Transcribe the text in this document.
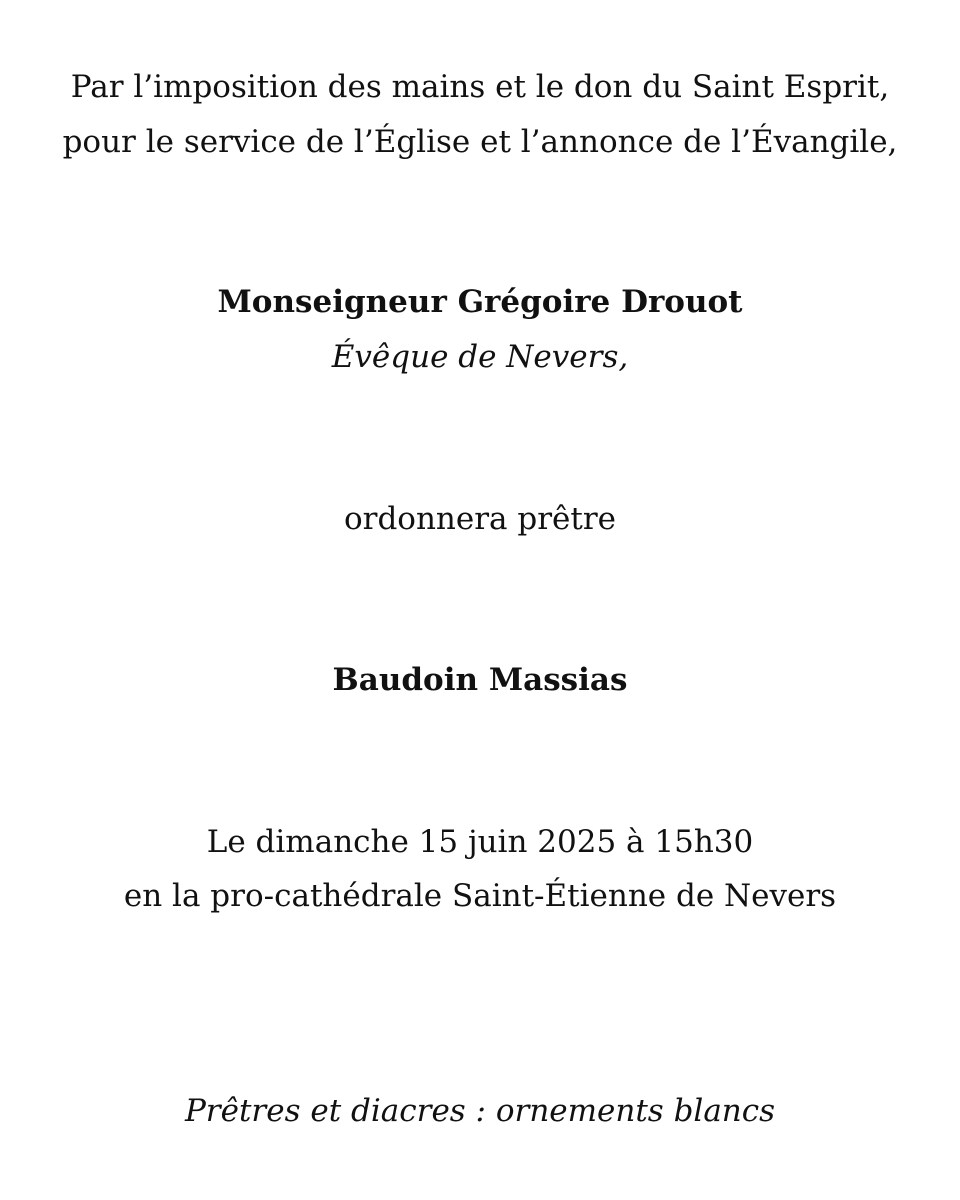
Par l’imposition des mains et le don du Saint Esprit,
pour le service de l’Église et l’annonce de l’Évangile,
Monseigneur Grégoire Drouot
Évêque de Nevers,
ordonnera prêtre
Baudoin Massias
Le dimanche 15 juin 2025 à 15h30
en la pro-cathédrale Saint-Étienne de Nevers
Prêtres et diacres : ornements blancs
